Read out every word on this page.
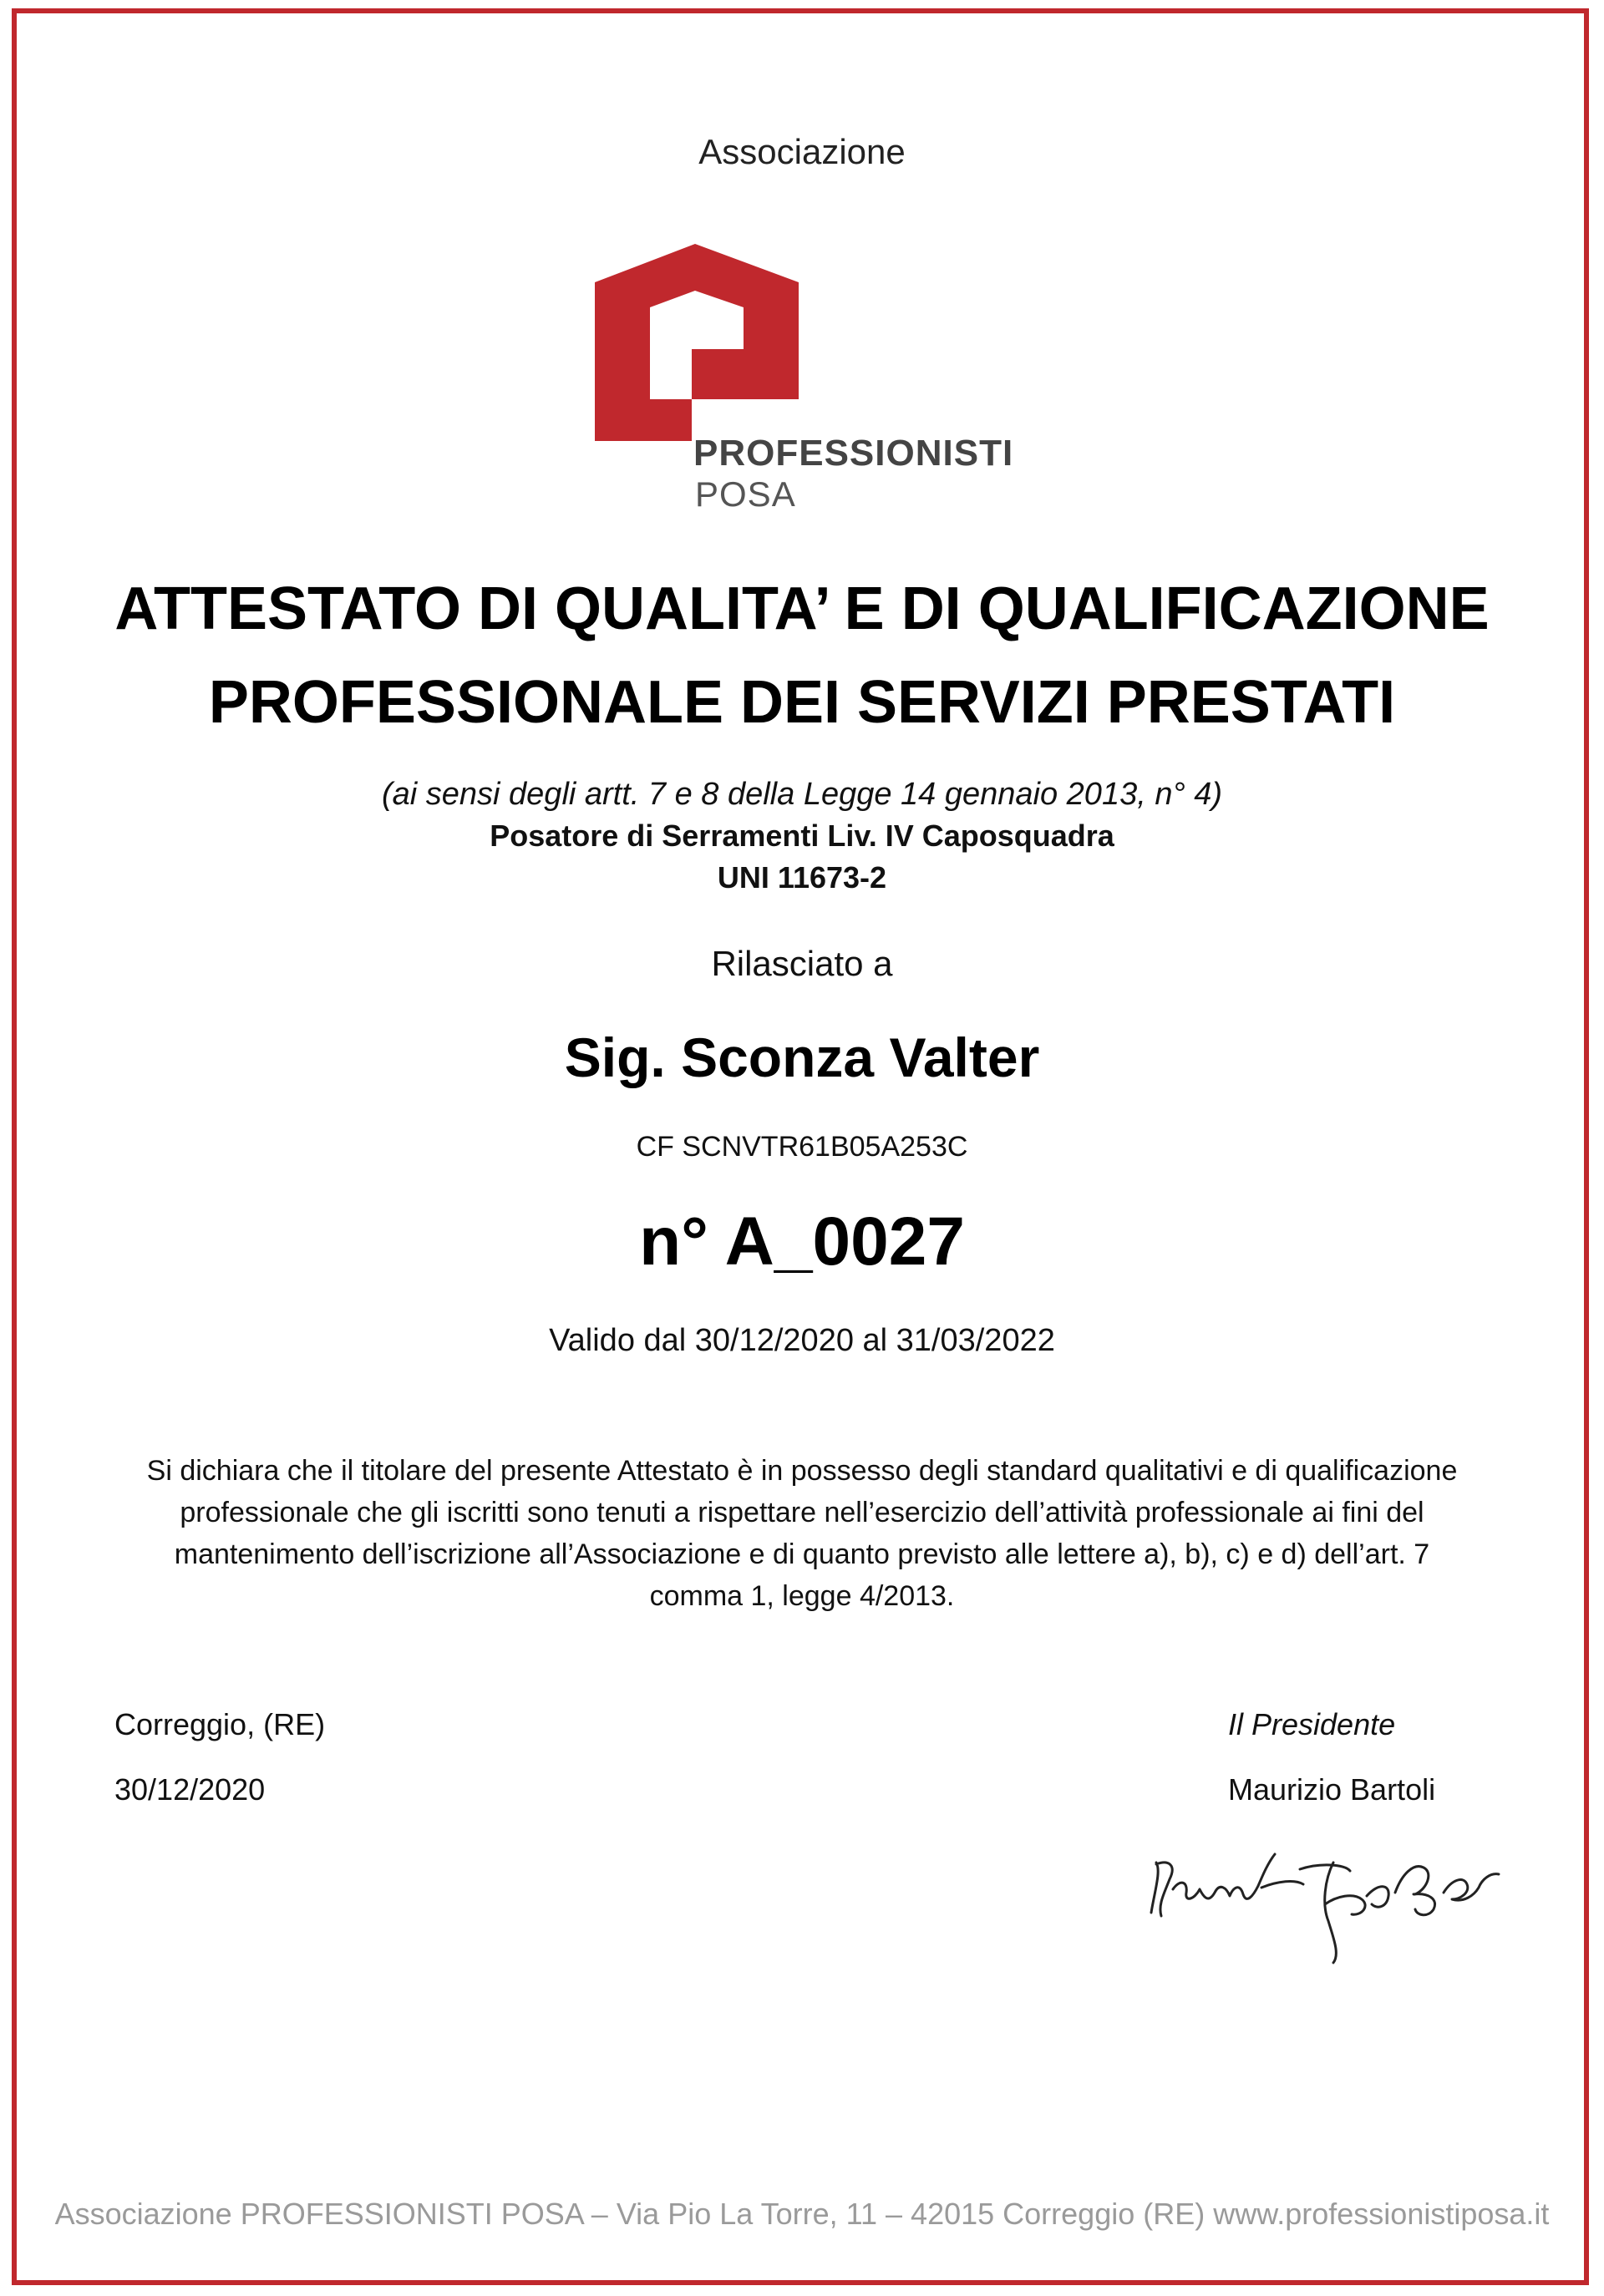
Associazione
PROFESSIONISTI
POSA
ATTESTATO DI QUALITA’ E DI QUALIFICAZIONE
PROFESSIONALE DEI SERVIZI PRESTATI
(ai sensi degli artt. 7 e 8 della Legge 14 gennaio 2013, n° 4)
Posatore di Serramenti Liv. IV Caposquadra
UNI 11673-2
Rilasciato a
Sig. Sconza Valter
CF SCNVTR61B05A253C
n° A_0027
Valido dal 30/12/2020 al 31/03/2022
Si dichiara che il titolare del presente Attestato è in possesso degli standard qualitativi e di qualificazione professionale che gli iscritti sono tenuti a rispettare nell’esercizio dell’attività professionale ai fini del mantenimento dell’iscrizione all’Associazione e di quanto previsto alle lettere a), b), c) e d) dell’art. 7 comma 1, legge 4/2013.
Correggio, (RE)
30/12/2020
Il Presidente
Maurizio Bartoli
Associazione PROFESSIONISTI POSA – Via Pio La Torre, 11 – 42015 Correggio (RE) www.professionistiposa.it
